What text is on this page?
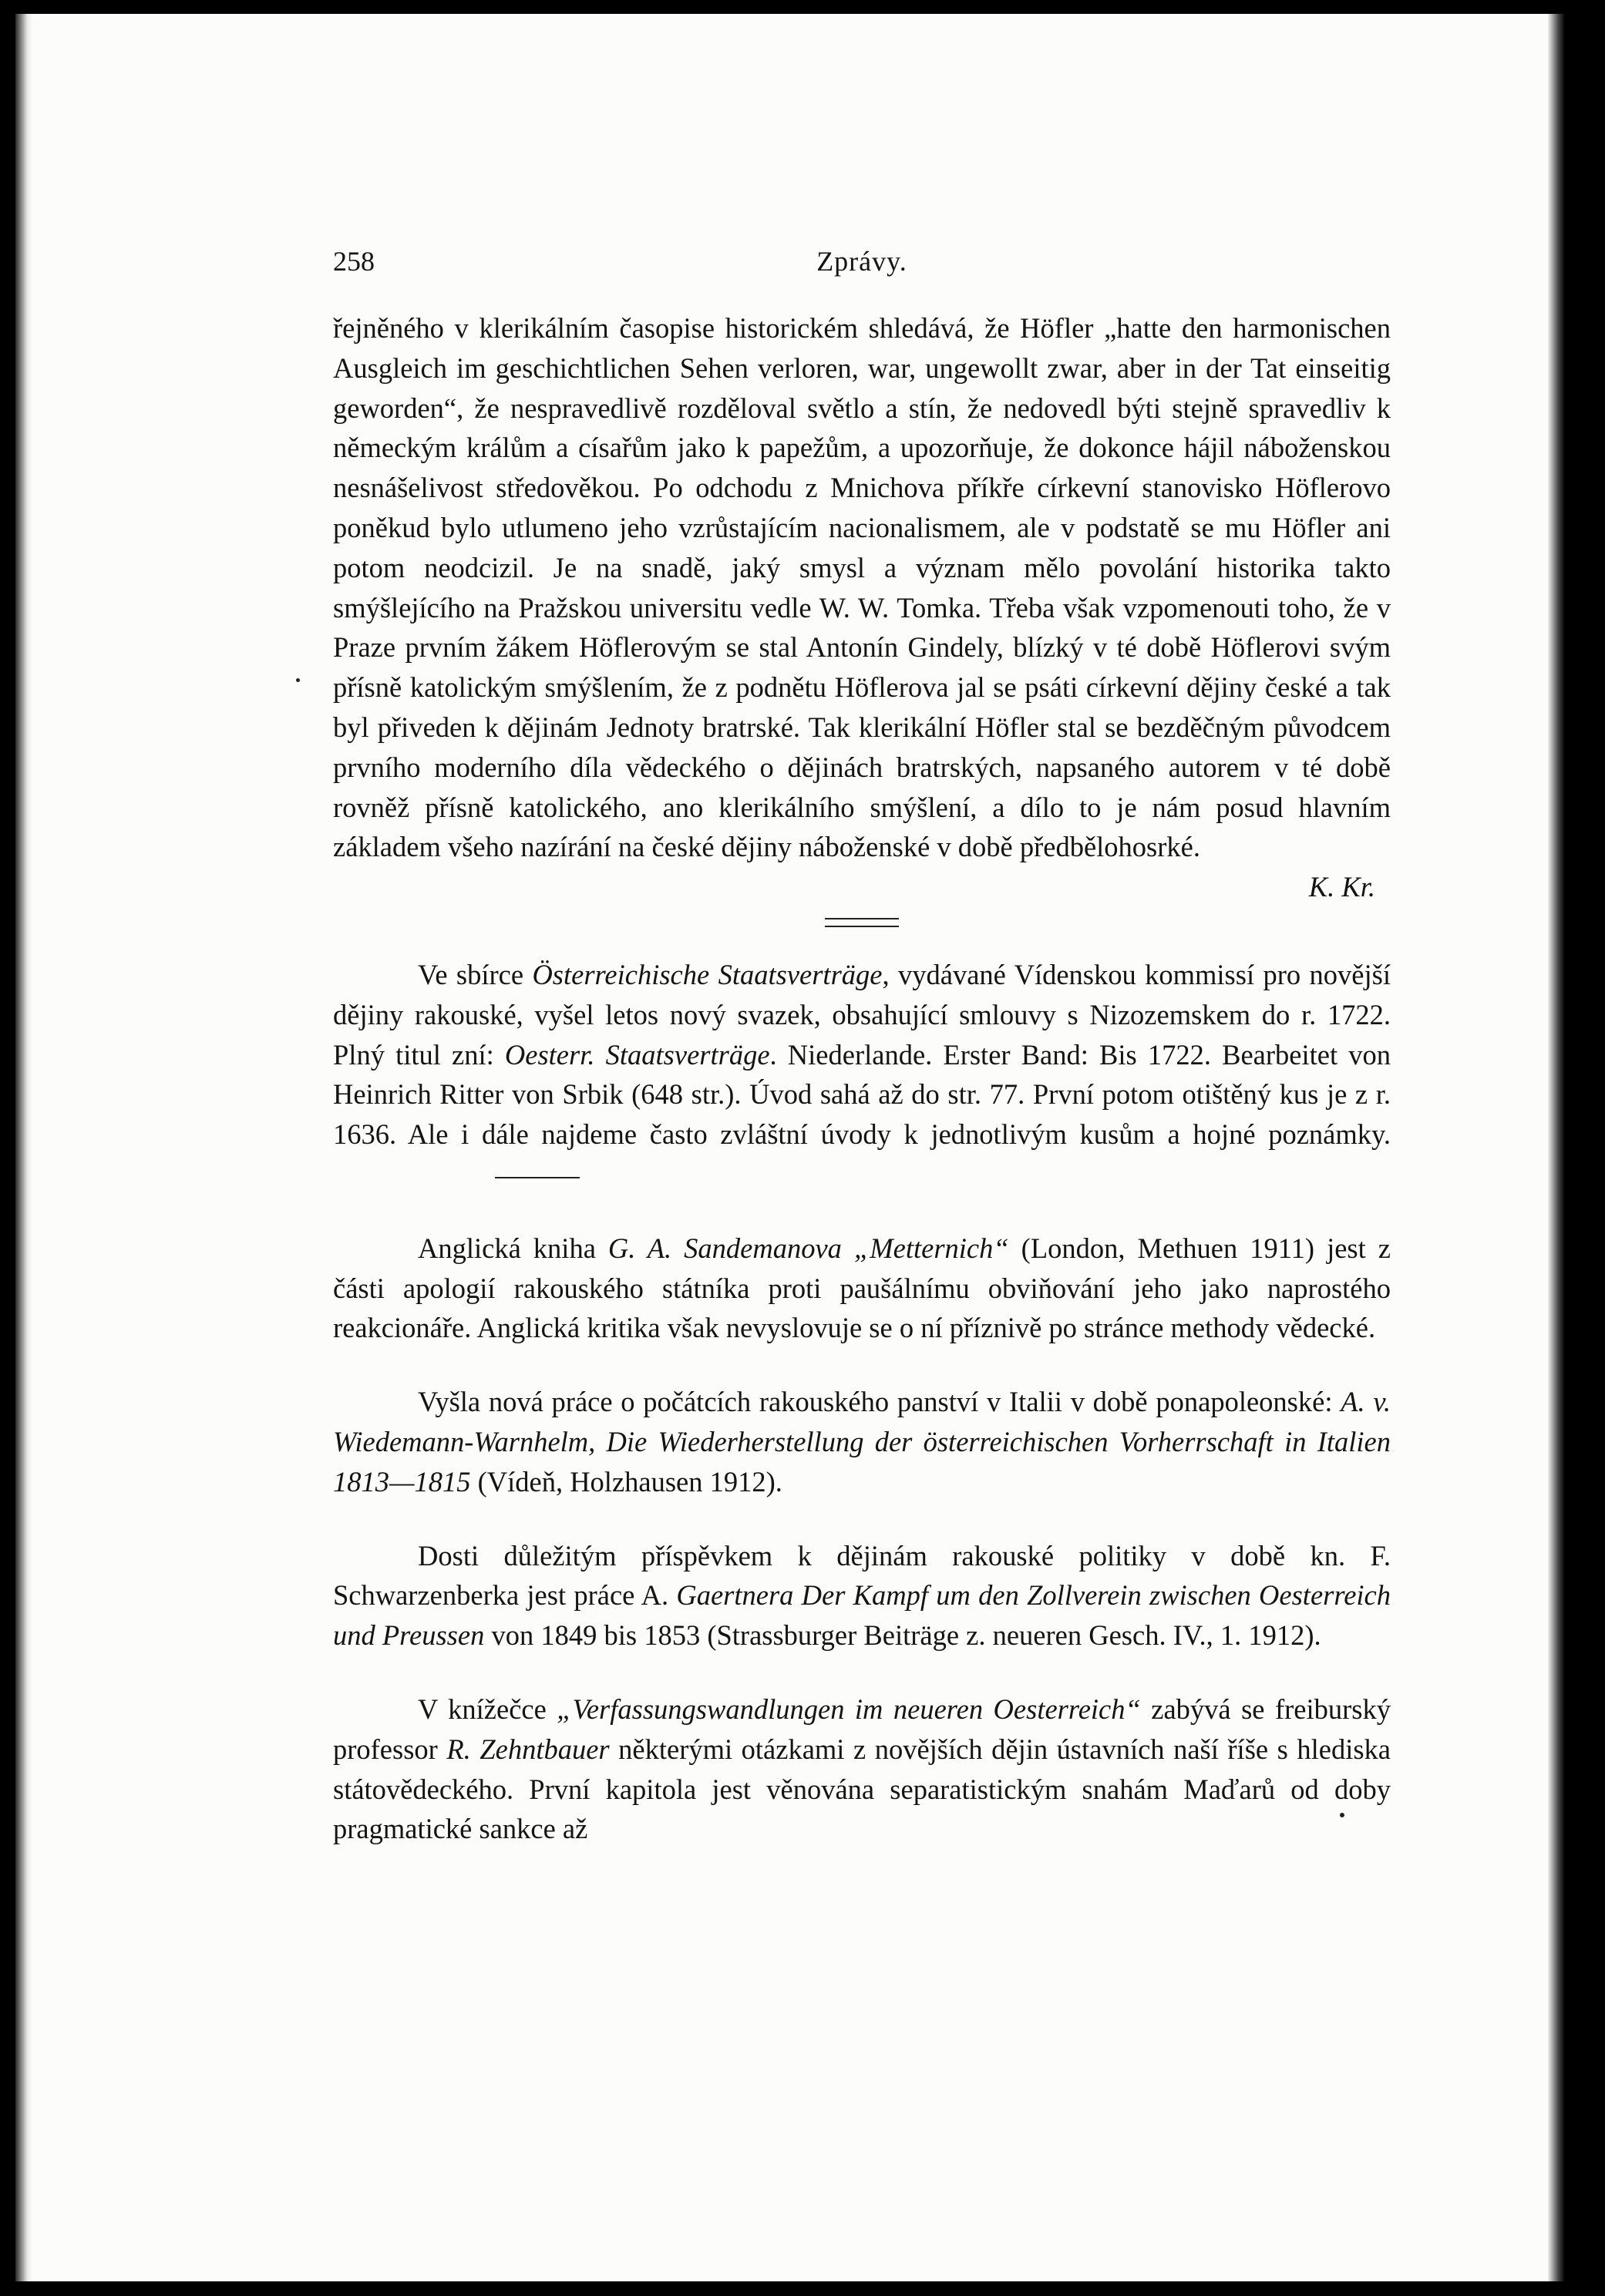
258	Zprávy.

řejněného v klerikálním časopise historickém shledává, že Höfler „hatte den harmonischen Ausgleich im geschichtlichen Sehen verloren, war, ungewollt zwar, aber in der Tat einseitig geworden“, že nespravedlivě rozděloval světlo a stín, že nedovedl býti stejně spravedliv k německým králům a císařům jako k papežům, a upozorňuje, že dokonce hájil náboženskou nesnášelivost středověkou. Po odchodu z Mnichova příkře církevní stanovisko Höflerovo poněkud bylo utlumeno jeho vzrůstajícím nacionalismem, ale v podstatě se mu Höfler ani potom neodcizil. Je na snadě, jaký smysl a význam mělo povolání historika takto smýšlejícího na Pražskou universitu vedle W. W. Tomka. Třeba však vzpomenouti toho, že v Praze prvním žákem Höflerovým se stal Antonín Gindely, blízký v té době Höflerovi svým přísně katolickým smýšlením, že z podnětu Höflerova jal se psáti církevní dějiny české a tak byl přiveden k dějinám Jednoty bratrské. Tak klerikální Höfler stal se bezděčným původcem prvního moderního díla vědeckého o dějinách bratrských, napsaného autorem v té době rovněž přísně katolického, ano klerikálního smýšlení, a dílo to je nám posud hlavním základem všeho nazírání na české dějiny náboženské v době předbělohosrké.

K. Kr.

Ve sbírce Österreichische Staatsverträge, vydávané Vídenskou kommissí pro novější dějiny rakouské, vyšel letos nový svazek, obsahující smlouvy s Nizozemskem do r. 1722. Plný titul zní: Oesterr. Staatsverträge. Niederlande. Erster Band: Bis 1722. Bearbeitet von Heinrich Ritter von Srbik (648 str.). Úvod sahá až do str. 77. První potom otištěný kus je z r. 1636. Ale i dále najdeme často zvláštní úvody k jednotlivým kusům a hojné poznámky.

Anglická kniha G. A. Sandemanova „Metternich“ (London, Methuen 1911) jest z části apologií rakouského státníka proti paušálnímu obviňování jeho jako naprostého reakcionáře. Anglická kritika však nevyslovuje se o ní příznivě po stránce methody vědecké.

Vyšla nová práce o počátcích rakouského panství v Italii v době ponapoleonské: A. v. Wiedemann-Warnhelm, Die Wiederherstellung der österreichischen Vorherrschaft in Italien 1813—1815 (Vídeň, Holzhausen 1912).

Dosti důležitým příspěvkem k dějinám rakouské politiky v době kn. F. Schwarzenberka jest práce A. Gaertnera Der Kampf um den Zollverein zwischen Oesterreich und Preussen von 1849 bis 1853 (Strassburger Beiträge z. neueren Gesch. IV., 1. 1912).

V knížečce „Verfassungswandlungen im neueren Oesterreich“ zabývá se freiburský professor R. Zehntbauer některými otázkami z novějších dějin ústavních naší říše s hlediska státovědeckého. První kapitola jest věnována separatistickým snahám Maďarů od doby pragmatické sankce až
